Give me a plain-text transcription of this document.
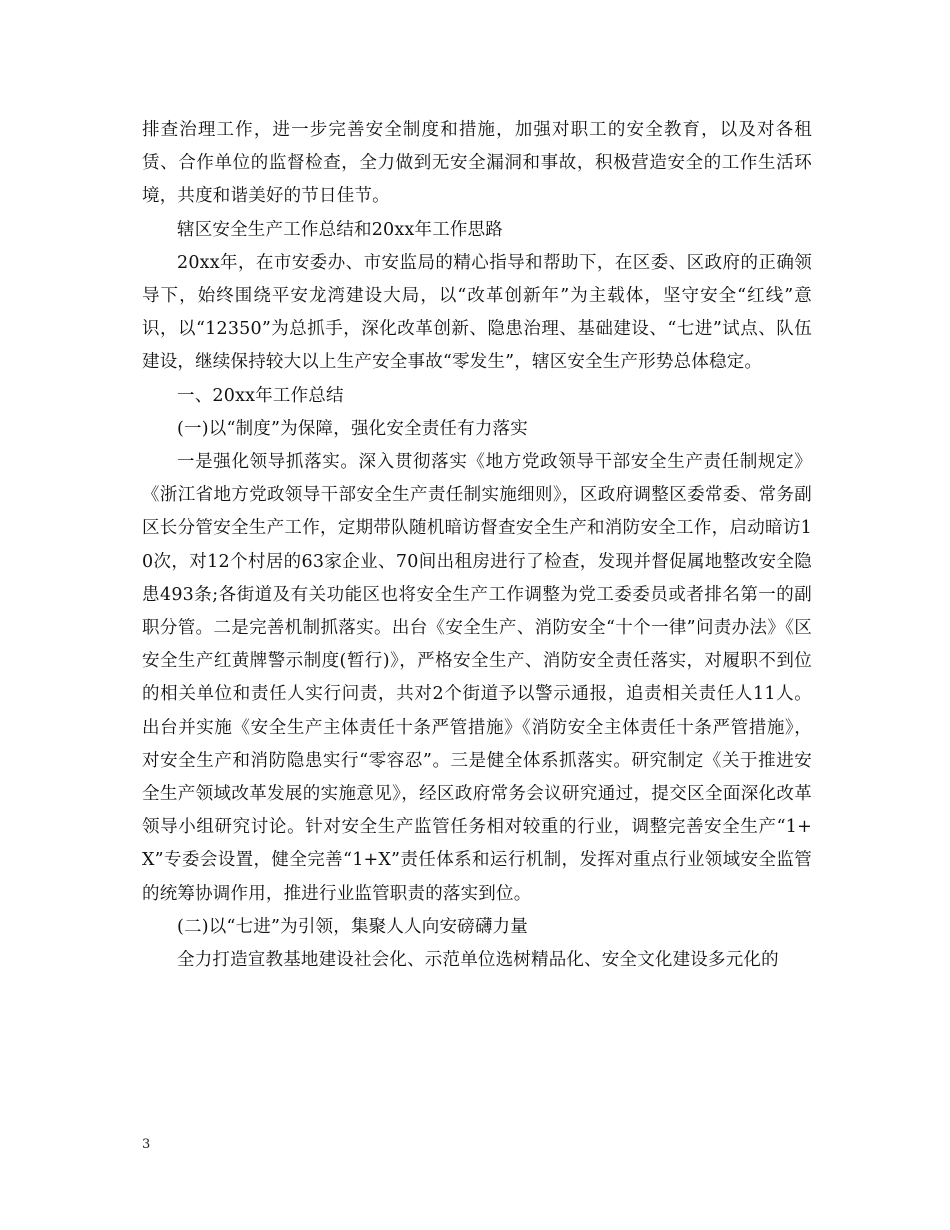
排查治理工作，进一步完善安全制度和措施，加强对职工的安全教育，以及对各租赁、合作单位的监督检查，全力做到无安全漏洞和事故，积极营造安全的工作生活环境，共度和谐美好的节日佳节。

辖区安全生产工作总结和20xx年工作思路

20xx年，在市安委办、市安监局的精心指导和帮助下，在区委、区政府的正确领导下，始终围绕平安龙湾建设大局，以“改革创新年”为主载体，坚守安全“红线”意识，以“12350”为总抓手，深化改革创新、隐患治理、基础建设、“七进”试点、队伍建设，继续保持较大以上生产安全事故“零发生”，辖区安全生产形势总体稳定。

一、20xx年工作总结

(一)以“制度”为保障，强化安全责任有力落实

一是强化领导抓落实。深入贯彻落实《地方党政领导干部安全生产责任制规定》《浙江省地方党政领导干部安全生产责任制实施细则》，区政府调整区委常委、常务副区长分管安全生产工作，定期带队随机暗访督查安全生产和消防安全工作，启动暗访10次，对12个村居的63家企业、70间出租房进行了检查，发现并督促属地整改安全隐患493条;各街道及有关功能区也将安全生产工作调整为党工委委员或者排名第一的副职分管。二是完善机制抓落实。出台《安全生产、消防安全“十个一律”问责办法》《区安全生产红黄牌警示制度(暂行)》，严格安全生产、消防安全责任落实，对履职不到位的相关单位和责任人实行问责，共对2个街道予以警示通报，追责相关责任人11人。出台并实施《安全生产主体责任十条严管措施》《消防安全主体责任十条严管措施》，对安全生产和消防隐患实行“零容忍”。三是健全体系抓落实。研究制定《关于推进安全生产领域改革发展的实施意见》，经区政府常务会议研究通过，提交区全面深化改革领导小组研究讨论。针对安全生产监管任务相对较重的行业，调整完善安全生产“1+X”专委会设置，健全完善“1+X”责任体系和运行机制，发挥对重点行业领域安全监管的统筹协调作用，推进行业监管职责的落实到位。

(二)以“七进”为引领，集聚人人向安磅礴力量

全力打造宣教基地建设社会化、示范单位选树精品化、安全文化建设多元化的

3
